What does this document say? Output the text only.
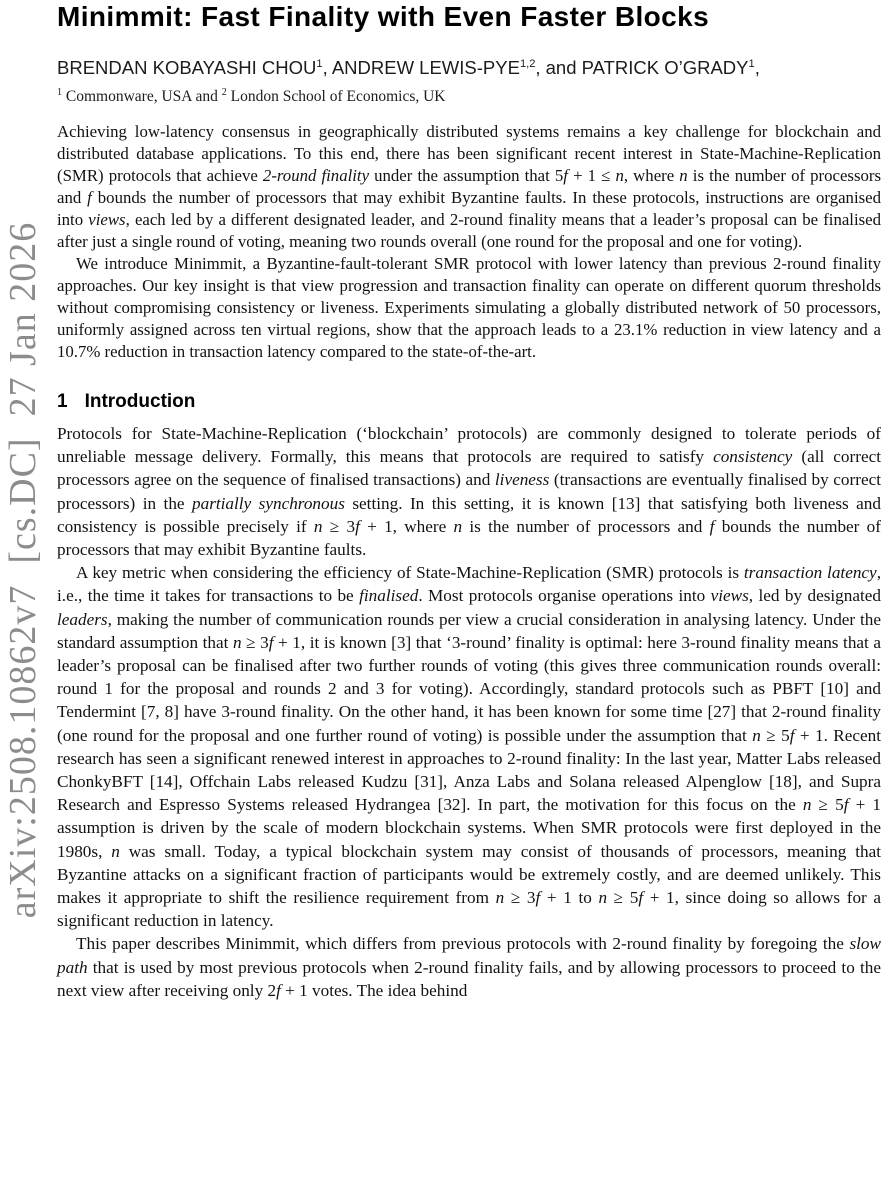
arXiv:2508.10862v7  [cs.DC]  27 Jan 2026
Minimmit: Fast Finality with Even Faster Blocks
BRENDAN KOBAYASHI CHOU$^1$, ANDREW LEWIS-PYE$^{1,2}$, and PATRICK O’GRADY$^1$,
$^1$ Commonware, USA and $^2$ London School of Economics, UK

Achieving low-latency consensus in geographically distributed systems remains a key challenge for blockchain and distributed database applications. To this end, there has been significant recent interest in State-Machine-Replication (SMR) protocols that achieve 2-round finality under the assumption that 5f + 1 ≤ n, where n is the number of processors and f bounds the number of processors that may exhibit Byzantine faults. In these protocols, instructions are organised into views, each led by a different designated leader, and 2-round finality means that a leader’s proposal can be finalised after just a single round of voting, meaning two rounds overall (one round for the proposal and one for voting).

We introduce Minimmit, a Byzantine-fault-tolerant SMR protocol with lower latency than previous 2-round finality approaches. Our key insight is that view progression and transaction finality can operate on different quorum thresholds without compromising consistency or liveness. Experiments simulating a globally distributed network of 50 processors, uniformly assigned across ten virtual regions, show that the approach leads to a 23.1% reduction in view latency and a 10.7% reduction in transaction latency compared to the state-of-the-art.

1 Introduction

Protocols for State-Machine-Replication (‘blockchain’ protocols) are commonly designed to tolerate periods of unreliable message delivery. Formally, this means that protocols are required to satisfy consistency (all correct processors agree on the sequence of finalised transactions) and liveness (transactions are eventually finalised by correct processors) in the partially synchronous setting. In this setting, it is known [13] that satisfying both liveness and consistency is possible precisely if n ≥ 3f + 1, where n is the number of processors and f bounds the number of processors that may exhibit Byzantine faults.

A key metric when considering the efficiency of State-Machine-Replication (SMR) protocols is transaction latency, i.e., the time it takes for transactions to be finalised. Most protocols organise operations into views, led by designated leaders, making the number of communication rounds per view a crucial consideration in analysing latency. Under the standard assumption that n ≥ 3f + 1, it is known [3] that ‘3-round’ finality is optimal: here 3-round finality means that a leader’s proposal can be finalised after two further rounds of voting (this gives three communication rounds overall: round 1 for the proposal and rounds 2 and 3 for voting). Accordingly, standard protocols such as PBFT [10] and Tendermint [7, 8] have 3-round finality. On the other hand, it has been known for some time [27] that 2-round finality (one round for the proposal and one further round of voting) is possible under the assumption that n ≥ 5f + 1. Recent research has seen a significant renewed interest in approaches to 2-round finality: In the last year, Matter Labs released ChonkyBFT [14], Offchain Labs released Kudzu [31], Anza Labs and Solana released Alpenglow [18], and Supra Research and Espresso Systems released Hydrangea [32]. In part, the motivation for this focus on the n ≥ 5f + 1 assumption is driven by the scale of modern blockchain systems. When SMR protocols were first deployed in the 1980s, n was small. Today, a typical blockchain system may consist of thousands of processors, meaning that Byzantine attacks on a significant fraction of participants would be extremely costly, and are deemed unlikely. This makes it appropriate to shift the resilience requirement from n ≥ 3f + 1 to n ≥ 5f + 1, since doing so allows for a significant reduction in latency.

This paper describes Minimmit, which differs from previous protocols with 2-round finality by foregoing the slow path that is used by most previous protocols when 2-round finality fails, and by allowing processors to proceed to the next view after receiving only 2f + 1 votes. The idea behind
